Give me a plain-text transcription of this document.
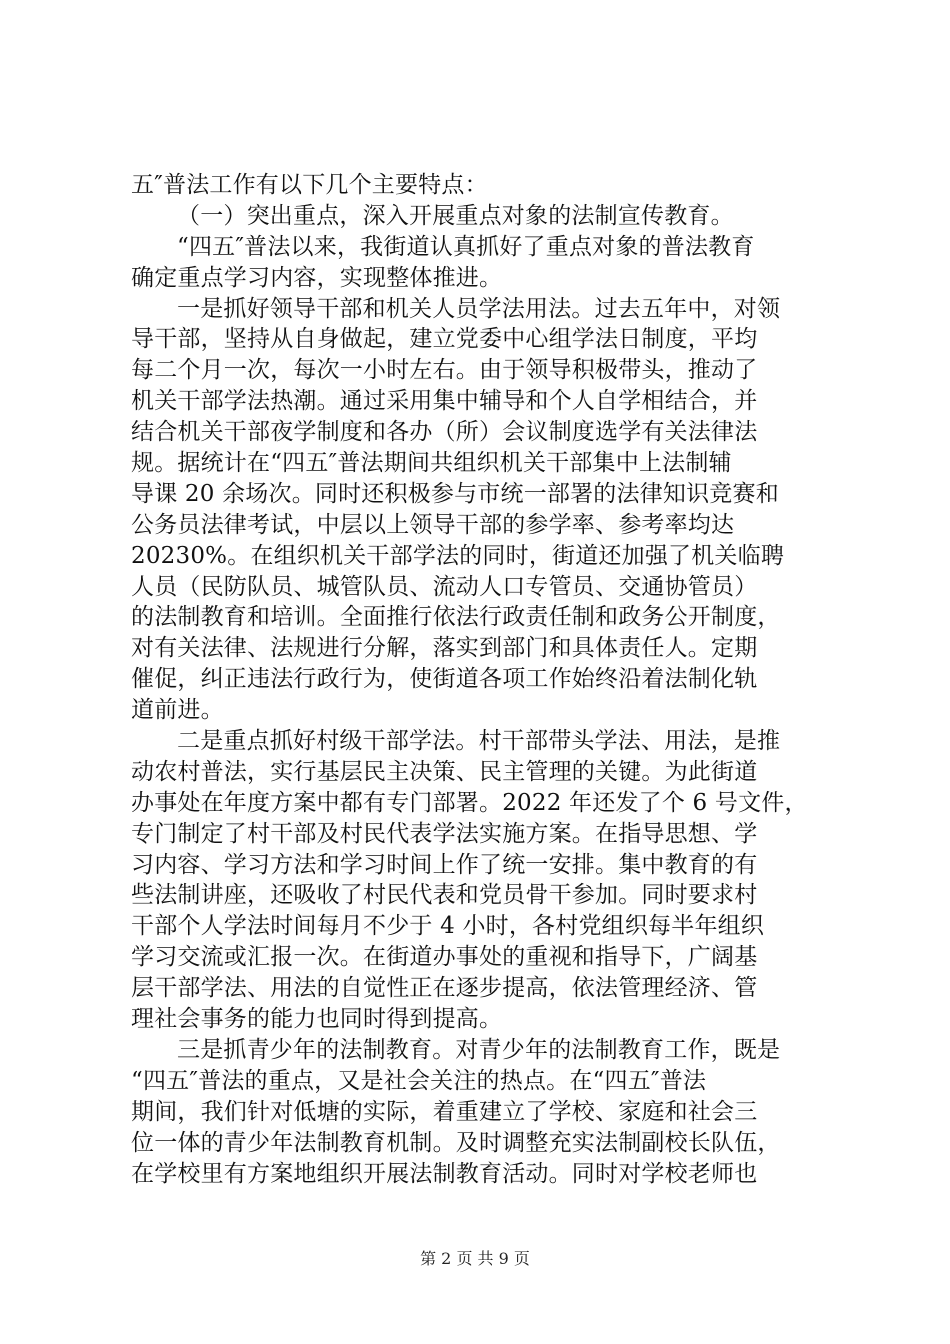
五″普法工作有以下几个主要特点：
（一）突出重点，深入开展重点对象的法制宣传教育。
“四五″普法以来，我街道认真抓好了重点对象的普法教育
确定重点学习内容，实现整体推进。
一是抓好领导干部和机关人员学法用法。过去五年中，对领
导干部，坚持从自身做起，建立党委中心组学法日制度，平均
每二个月一次，每次一小时左右。由于领导积极带头，推动了
机关干部学法热潮。通过采用集中辅导和个人自学相结合，并
结合机关干部夜学制度和各办（所）会议制度选学有关法律法
规。据统计在“四五″普法期间共组织机关干部集中上法制辅
导课 20 余场次。同时还积极参与市统一部署的法律知识竞赛和
公务员法律考试，中层以上领导干部的参学率、参考率均达
20230%。在组织机关干部学法的同时，街道还加强了机关临聘
人员（民防队员、城管队员、流动人口专管员、交通协管员）
的法制教育和培训。全面推行依法行政责任制和政务公开制度，
对有关法律、法规进行分解，落实到部门和具体责任人。定期
催促，纠正违法行政行为，使街道各项工作始终沿着法制化轨
道前进。
二是重点抓好村级干部学法。村干部带头学法、用法，是推
动农村普法，实行基层民主决策、民主管理的关键。为此街道
办事处在年度方案中都有专门部署。2022 年还发了个 6 号文件，
专门制定了村干部及村民代表学法实施方案。在指导思想、学
习内容、学习方法和学习时间上作了统一安排。集中教育的有
些法制讲座，还吸收了村民代表和党员骨干参加。同时要求村
干部个人学法时间每月不少于 4 小时，各村党组织每半年组织
学习交流或汇报一次。在街道办事处的重视和指导下，广阔基
层干部学法、用法的自觉性正在逐步提高，依法管理经济、管
理社会事务的能力也同时得到提高。
三是抓青少年的法制教育。对青少年的法制教育工作，既是
“四五″普法的重点，又是社会关注的热点。在“四五″普法
期间，我们针对低塘的实际，着重建立了学校、家庭和社会三
位一体的青少年法制教育机制。及时调整充实法制副校长队伍，
在学校里有方案地组织开展法制教育活动。同时对学校老师也
第 2 页 共 9 页
